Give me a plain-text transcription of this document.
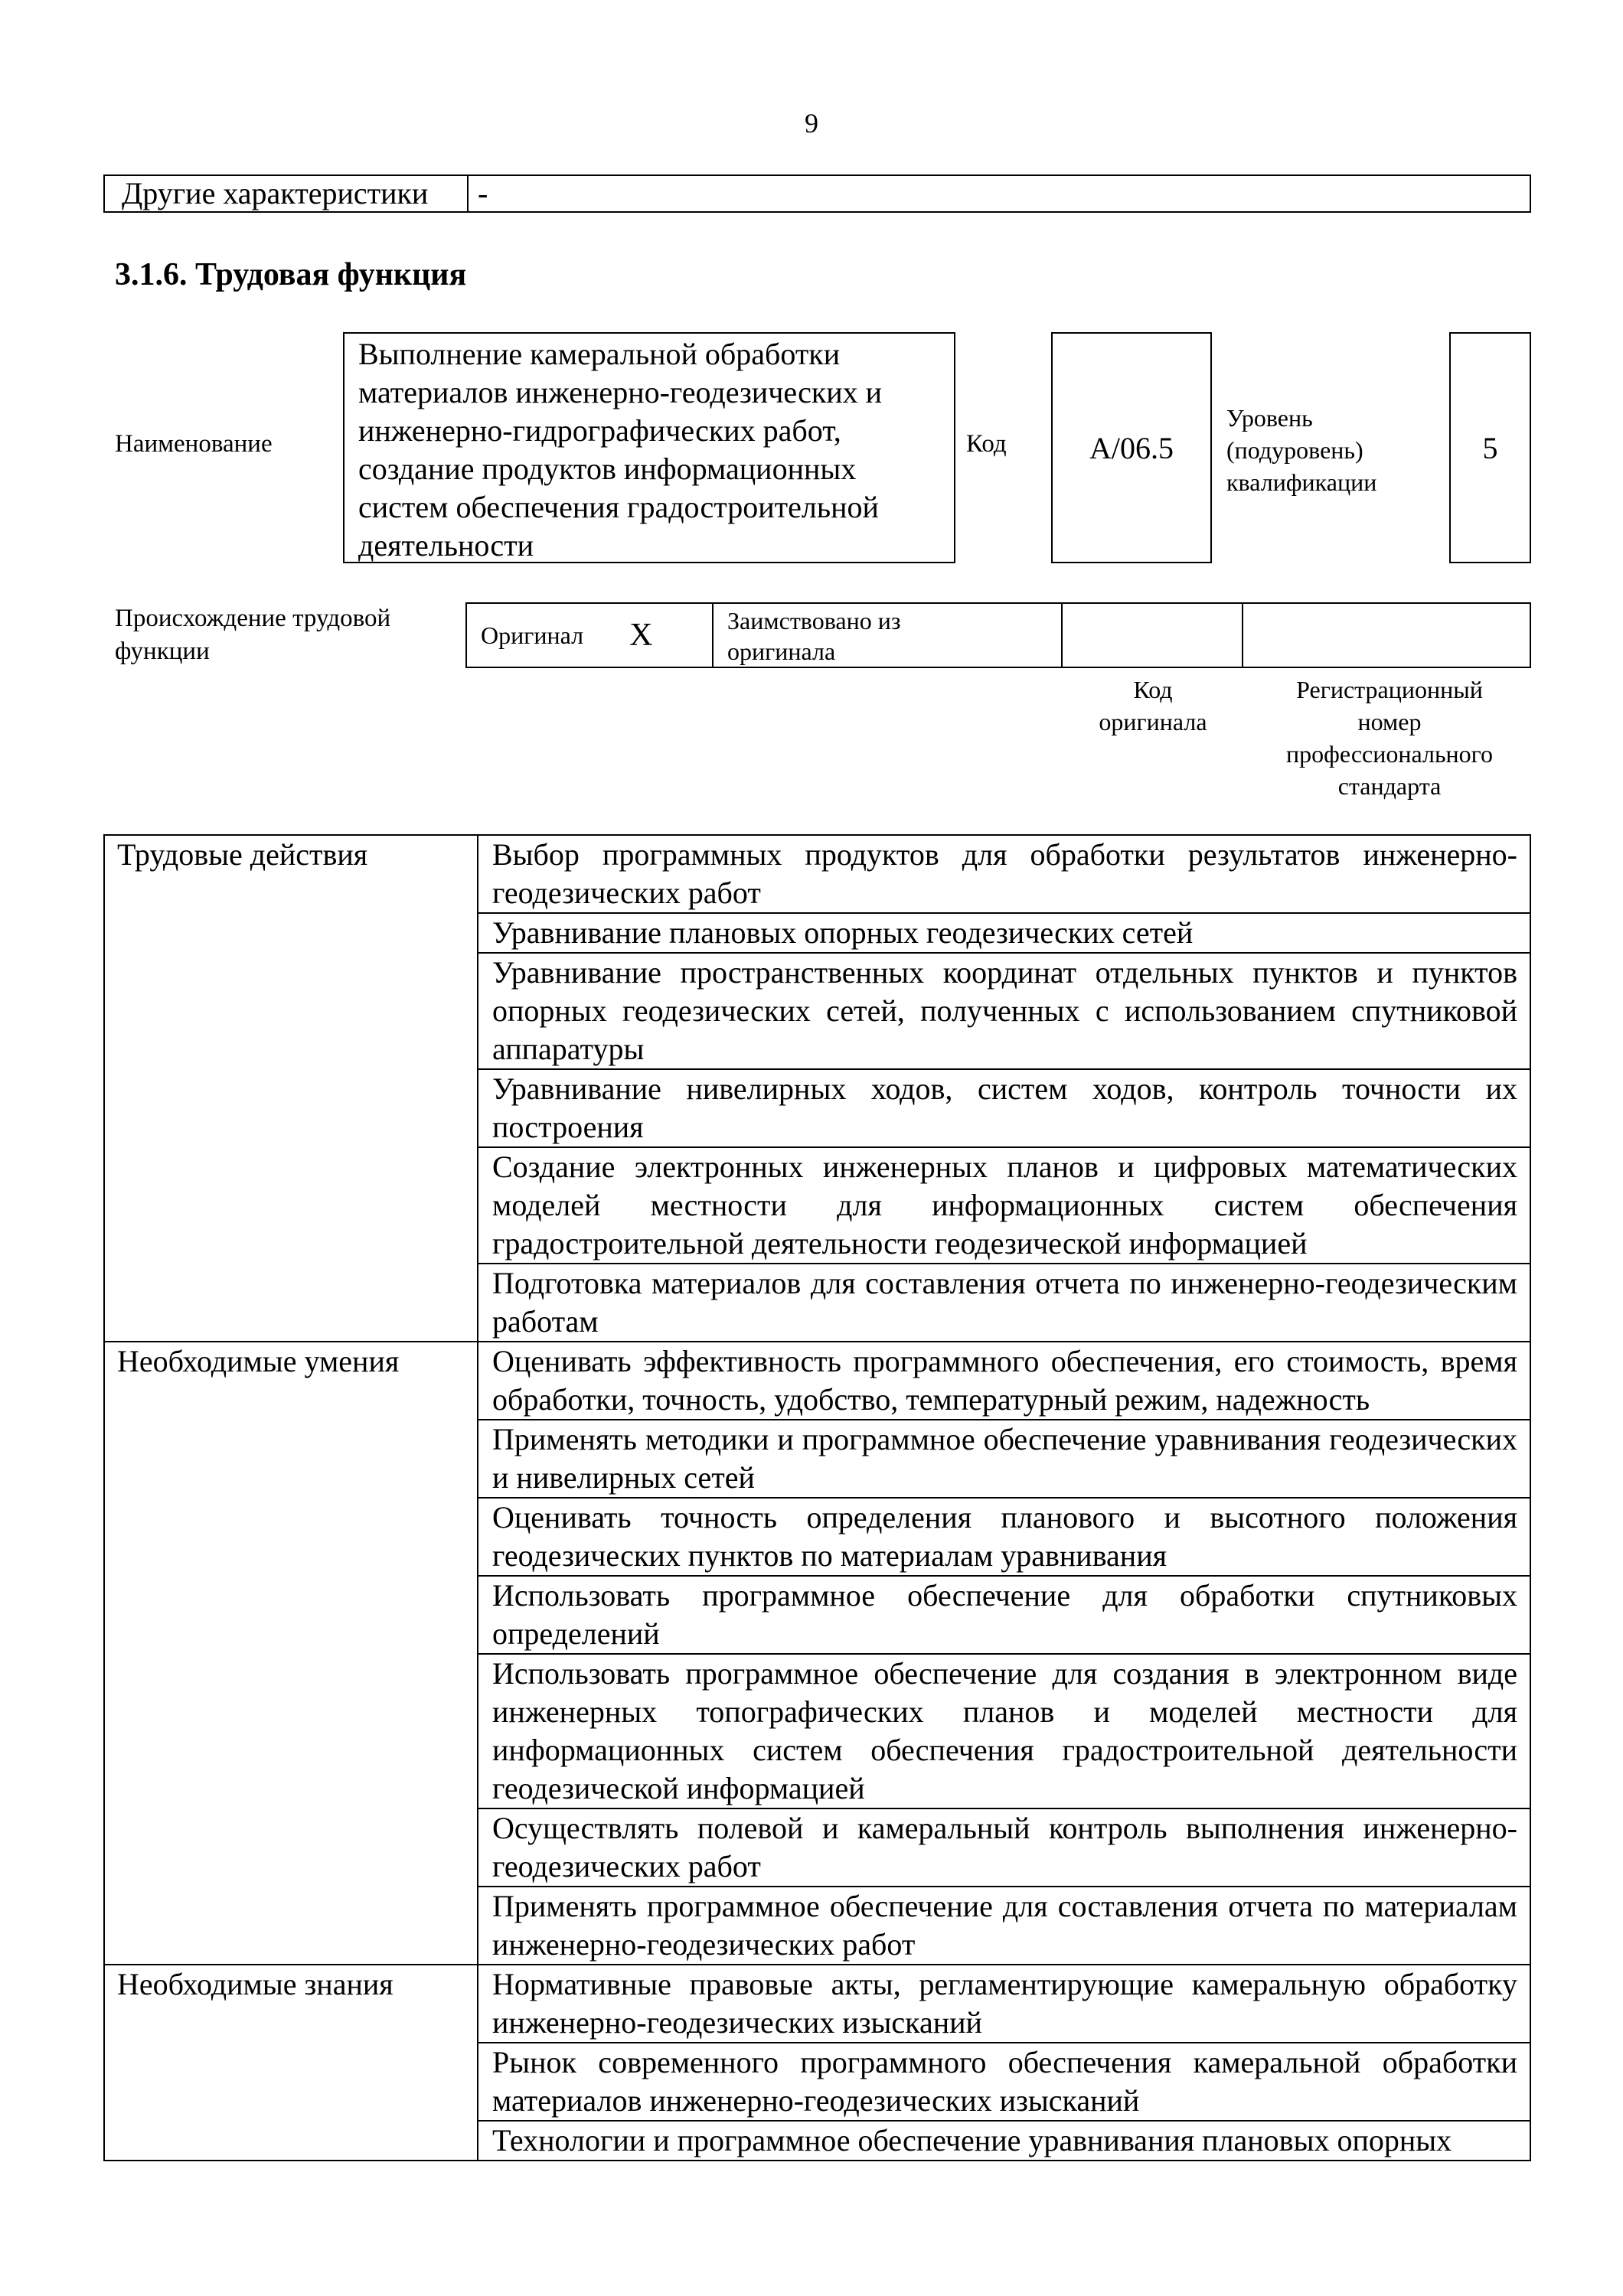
9
Другие характеристики	-
3.1.6. Трудовая функция
Наименование
Выполнение камеральной обработки материалов инженерно-геодезических и инженерно-гидрографических работ, создание продуктов информационных систем обеспечения градостроительной деятельности
Код	A/06.5
Уровень
(подуровень)
квалификации
5
Происхождение трудовой
функции
Оригинал X	Заимствовано из
оригинала
Код
оригинала
Регистрационный
номер
профессионального
стандарта
Трудовые действия	Выбор программных продуктов для обработки результатов инженерно-геодезических работ
	Уравнивание плановых опорных геодезических сетей
	Уравнивание пространственных координат отдельных пунктов и пунктов опорных геодезических сетей, полученных с использованием спутниковой аппаратуры
	Уравнивание нивелирных ходов, систем ходов, контроль точности их построения
	Создание электронных инженерных планов и цифровых математических моделей местности для информационных систем обеспечения градостроительной деятельности геодезической информацией
	Подготовка материалов для составления отчета по инженерно-геодезическим работам
Необходимые умения	Оценивать эффективность программного обеспечения, его стоимость, время обработки, точность, удобство, температурный режим, надежность
	Применять методики и программное обеспечение уравнивания геодезических и нивелирных сетей
	Оценивать точность определения планового и высотного положения геодезических пунктов по материалам уравнивания
	Использовать программное обеспечение для обработки спутниковых определений
	Использовать программное обеспечение для создания в электронном виде инженерных топографических планов и моделей местности для информационных систем обеспечения градостроительной деятельности геодезической информацией
	Осуществлять полевой и камеральный контроль выполнения инженерно-геодезических работ
	Применять программное обеспечение для составления отчета по материалам инженерно-геодезических работ
Необходимые знания	Нормативные правовые акты, регламентирующие камеральную обработку инженерно-геодезических изысканий
	Рынок современного программного обеспечения камеральной обработки материалов инженерно-геодезических изысканий
	Технологии и программное обеспечение уравнивания плановых опорных
